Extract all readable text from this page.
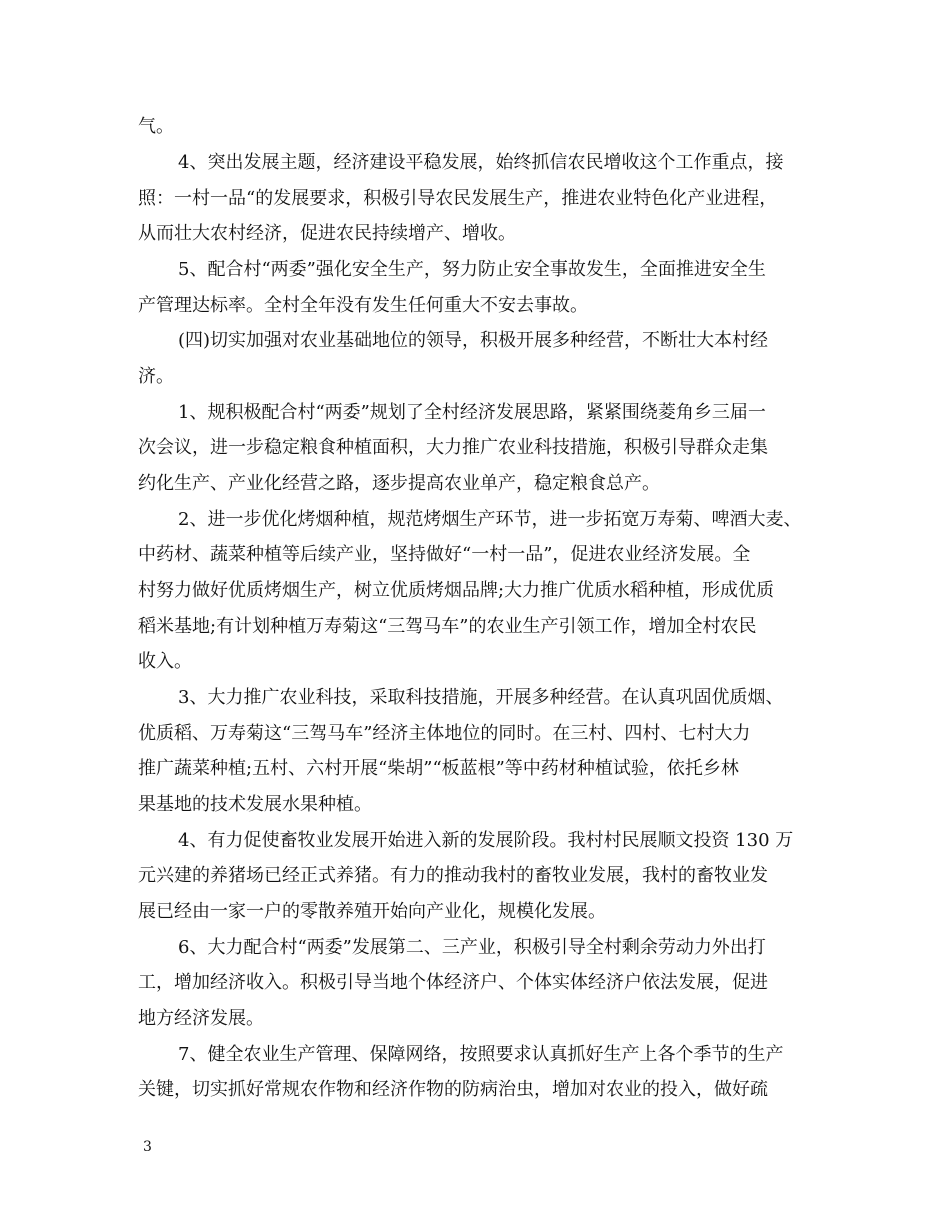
气。
4、突出发展主题，经济建设平稳发展，始终抓信农民增收这个工作重点，接
照：一村一品“的发展要求，积极引导农民发展生产，推进农业特色化产业进程，
从而壮大农村经济，促进农民持续增产、增收。
5、配合村“两委”强化安全生产，努力防止安全事故发生，全面推进安全生
产管理达标率。全村全年没有发生任何重大不安去事故。
(四)切实加强对农业基础地位的领导，积极开展多种经营，不断壮大本村经
济。
1、规积极配合村“两委”规划了全村经济发展思路，紧紧围绕菱角乡三届一
次会议，进一步稳定粮食种植面积，大力推广农业科技措施，积极引导群众走集
约化生产、产业化经营之路，逐步提高农业单产，稳定粮食总产。
2、进一步优化烤烟种植，规范烤烟生产环节，进一步拓宽万寿菊、啤酒大麦、
中药材、蔬菜种植等后续产业，坚持做好“一村一品”，促进农业经济发展。全
村努力做好优质烤烟生产，树立优质烤烟品牌;大力推广优质水稻种植，形成优质
稻米基地;有计划种植万寿菊这“三驾马车”的农业生产引领工作，增加全村农民
收入。
3、大力推广农业科技，采取科技措施，开展多种经营。在认真巩固优质烟、
优质稻、万寿菊这“三驾马车”经济主体地位的同时。在三村、四村、七村大力
推广蔬菜种植;五村、六村开展“柴胡”“板蓝根”等中药材种植试验，依托乡林
果基地的技术发展水果种植。
4、有力促使畜牧业发展开始进入新的发展阶段。我村村民展顺文投资 130 万
元兴建的养猪场已经正式养猪。有力的推动我村的畜牧业发展，我村的畜牧业发
展已经由一家一户的零散养殖开始向产业化，规模化发展。
6、大力配合村“两委”发展第二、三产业，积极引导全村剩余劳动力外出打
工，增加经济收入。积极引导当地个体经济户、个体实体经济户依法发展，促进
地方经济发展。
7、健全农业生产管理、保障网络，按照要求认真抓好生产上各个季节的生产
关键，切实抓好常规农作物和经济作物的防病治虫，增加对农业的投入，做好疏
3
